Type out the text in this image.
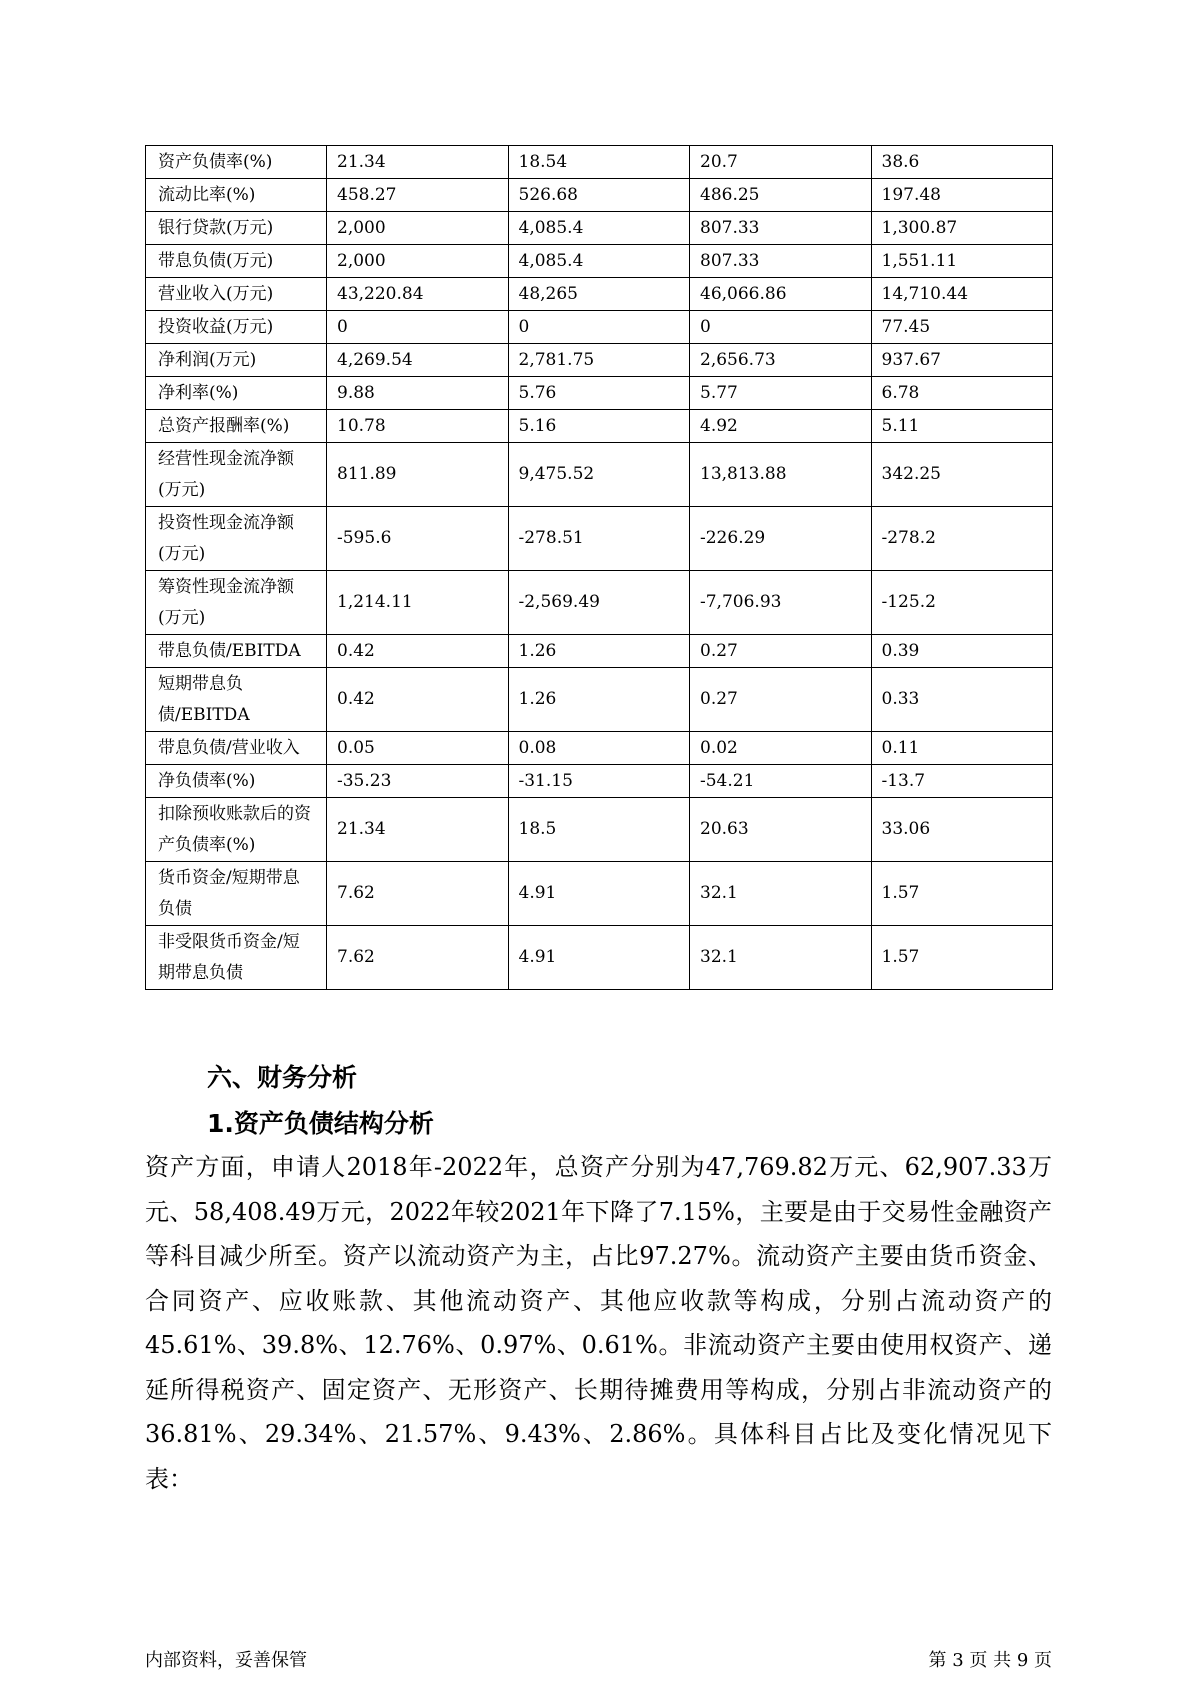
资产负债率(%)	21.34	18.54	20.7	38.6
流动比率(%)	458.27	526.68	486.25	197.48
银行贷款(万元)	2,000	4,085.4	807.33	1,300.87
带息负债(万元)	2,000	4,085.4	807.33	1,551.11
营业收入(万元)	43,220.84	48,265	46,066.86	14,710.44
投资收益(万元)	0	0	0	77.45
净利润(万元)	4,269.54	2,781.75	2,656.73	937.67
净利率(%)	9.88	5.76	5.77	6.78
总资产报酬率(%)	10.78	5.16	4.92	5.11
经营性现金流净额(万元)	811.89	9,475.52	13,813.88	342.25
投资性现金流净额(万元)	-595.6	-278.51	-226.29	-278.2
筹资性现金流净额(万元)	1,214.11	-2,569.49	-7,706.93	-125.2
带息负债/EBITDA	0.42	1.26	0.27	0.39
短期带息负债/EBITDA	0.42	1.26	0.27	0.33
带息负债/营业收入	0.05	0.08	0.02	0.11
净负债率(%)	-35.23	-31.15	-54.21	-13.7
扣除预收账款后的资产负债率(%)	21.34	18.5	20.63	33.06
货币资金/短期带息负债	7.62	4.91	32.1	1.57
非受限货币资金/短期带息负债	7.62	4.91	32.1	1.57
六、财务分析
1.资产负债结构分析
资产方面，申请人2018年-2022年，总资产分别为47,769.82万元、62,907.33万元、58,408.49万元，2022年较2021年下降了7.15%，主要是由于交易性金融资产等科目减少所至。资产以流动资产为主，占比97.27%。流动资产主要由货币资金、合同资产、应收账款、其他流动资产、其他应收款等构成，分别占流动资产的45.61%、39.8%、12.76%、0.97%、0.61%。非流动资产主要由使用权资产、递延所得税资产、固定资产、无形资产、长期待摊费用等构成，分别占非流动资产的36.81%、29.34%、21.57%、9.43%、2.86%。具体科目占比及变化情况见下表：
内部资料，妥善保管	第 3 页 共 9 页
